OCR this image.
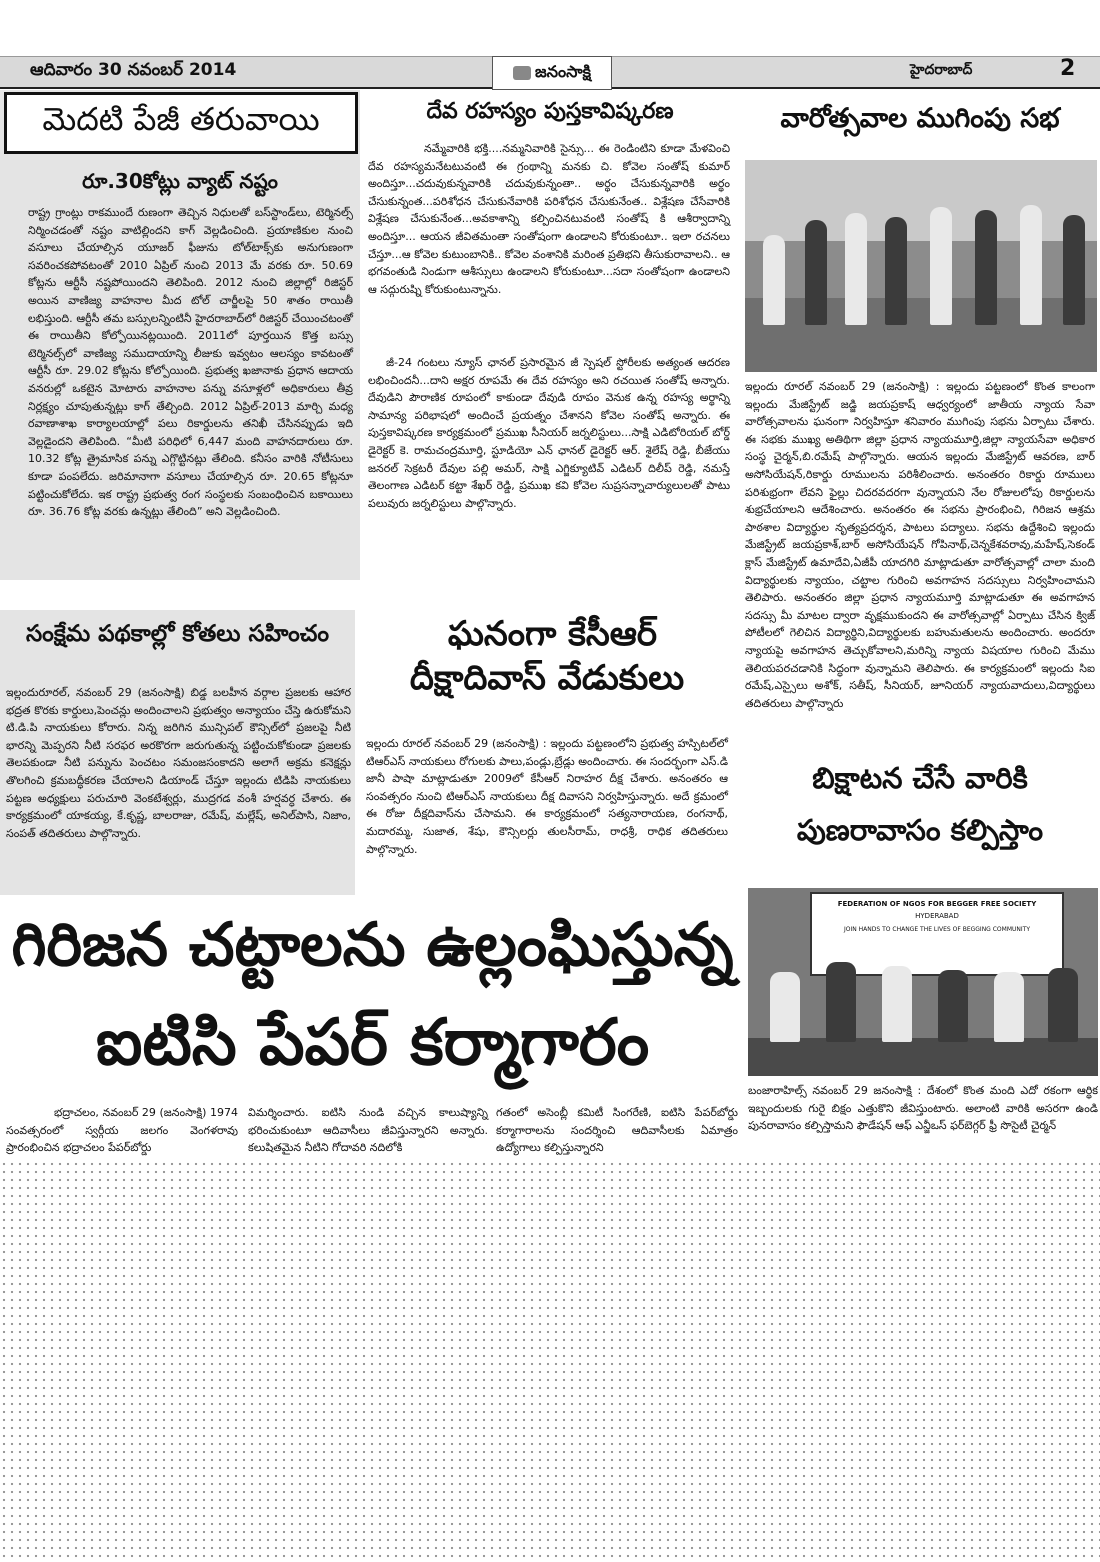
ఆదివారం 30 నవంబర్ 2014	జనంసాక్షి	హైదరాబాద్	2
మెదటి పేజీ తరువాయి
రూ.30కోట్లు వ్యాట్ నష్టం
రాష్ట్ర గ్రాంట్లు రాకముందే రుణంగా తెచ్చిన నిధులతో బస్‌స్టాండ్‌లు, టెర్మినల్స్ నిర్మించడంతో నష్టం వాటిల్లిందని కాగ్ వెల్లడించింది. ప్రయాణికుల నుంచి వసూలు చేయాల్సిన యూజర్ ఫీజును టోల్‌టాక్స్‌కు అనుగుణంగా సవరించకపోవటంతో 2010 ఏప్రిల్ నుంచి 2013 మే వరకు రూ. 50.69 కోట్లను ఆర్టీసీ నష్టపోయిందని తెలిపింది. 2012 నుంచి జిల్లాల్లో రిజిస్టర్ అయిన వాణిజ్య వాహనాల మీద టోల్ చార్జీలపై 50 శాతం రాయితీ లభిస్తుంది. ఆర్టీసీ తమ బస్సులన్నింటినీ హైదరాబాద్‌లో రిజిస్టర్ చేయించటంతో ఈ రాయితీని కోల్పోయినట్లయింది. 2011లో పూర్తయిన కొత్త బస్సు టెర్మినల్స్‌లో వాణిజ్య సముదాయాన్ని లీజుకు ఇవ్వటం ఆలస్యం కావటంతో ఆర్టీసీ రూ. 29.02 కోట్లను కోల్పోయింది. ప్రభుత్వ ఖజానాకు ప్రధాన ఆదాయ వనరుల్లో ఒకటైన మోటారు వాహనాల పన్ను వసూళ్లలో అధికారులు తీవ్ర నిర్లక్ష్యం చూపుతున్నట్లు కాగ్ తేల్చింది. 2012 ఏప్రిల్-2013 మార్చి మధ్య రవాణాశాఖ కార్యాలయాల్లో పలు రికార్డులను తనిఖీ చేసినప్పుడు ఇది వెల్లడైందని తెలిపింది. “మీటి పరిధిలో 6,447 మంది వాహనదారులు రూ. 10.32 కోట్ల త్రైమాసిక పన్ను ఎగ్గొట్టినట్లు తేలింది. కనీసం వారికి నోటీసులు కూడా పంపలేదు. జరిమానాగా వసూలు చేయాల్సిన రూ. 20.65 కోట్లనూ పట్టించుకోలేదు. ఇక రాష్ట్ర ప్రభుత్వ రంగ సంస్థలకు సంబంధించిన బకాయిలు రూ. 36.76 కోట్ల వరకు ఉన్నట్లు తేలింది” అని వెల్లడించింది.
దేవ రహస్యం పుస్తకావిష్కరణ
నమ్మేవారికి భక్తి....నమ్మనివారికి సైన్సు... ఈ రెండింటిని కూడా మేళవించి దేవ రహస్యమనేటటువంటి ఈ గ్రంథాన్ని మనకు చి. కోవెల సంతోష్ కుమార్ అందిస్తూ...చదువుకున్నవారికి చదువుకున్నంతా.. అర్థం చేసుకున్నవారికి అర్థం చేసుకున్నంత...పరిశోధన చేసుకునేవారికి పరిశోధన చేసుకునేంత.. విశ్లేషణ చేసేవారికి విశ్లేషణ చేసుకునేంత...అవకాశాన్ని కల్పించినటువంటి సంతోష్ కి ఆశీర్వాదాన్ని అందిస్తూ... ఆయన జీవితమంతా సంతోషంగా ఉండాలని కోరుకుంటూ.. ఇలా రచనలు చేస్తూ...ఆ కోవెల కుటుంబానికి.. కోవెల వంశానికి మరింత ప్రతిభని తీసుకురావాలని.. ఆ భగవంతుడి నిండుగా ఆశీస్సులు ఉండాలని కోరుకుంటూ...సదా సంతోషంగా ఉండాలని ఆ సద్గురుష్ని కోరుకుంటున్నాను.
జీ-24 గంటలు న్యూస్ ఛానల్ ప్రసారమైన జీ స్పెషల్ స్టోరీలకు అత్యంత ఆదరణ లభించిందనీ...దాని అక్షర రూపమే ఈ దేవ రహస్యం అని రచయిత సంతోష్ అన్నారు. దేవుడిని పౌరాణిక రూపంలో కాకుండా దేవుడి రూపం వెనుక ఉన్న రహస్య అర్థాన్ని సామాన్య పరిభాషలో అందించే ప్రయత్నం చేశానని కోవెల సంతోష్ అన్నారు. ఈ పుస్తకావిష్కరణ కార్యక్రమంలో ప్రముఖ సీనియర్ జర్నలిస్టులు...సాక్షి ఎడిటోరియల్ బోర్డ్ డైరెక్టర్ కె. రామచంద్రమూర్తి, స్టూడియో ఎన్ ఛానల్ డైరెక్టర్ ఆర్. శైలేష్ రెడ్డి, బీజేయు జనరల్ సెక్రటరీ దేవుల పల్లి అమర్, సాక్షి ఎగ్జిక్యూటివ్ ఎడిటర్ దిలీప్ రెడ్డి, నమస్తే తెలంగాణ ఎడిటర్ కట్టా శేఖర్ రెడ్డి, ప్రముఖ కవి కోవెల సుప్రసన్నాచార్యులులతో పాటు పలువురు జర్నలిస్టులు పాల్గొన్నారు.
వారోత్సవాల ముగింపు సభ
ఇల్లందు రూరల్ నవంబర్ 29 (జనంసాక్షి) : ఇల్లందు పట్టణంలో కొంత కాలంగా ఇల్లందు మేజిస్ట్రేట్ జడ్జి జయప్రకాష్ ఆధ్వర్యంలో జాతీయ న్యాయ సేవా వారోత్సవాలను ఘనంగా నిర్వహిస్తూ శనివారం ముగింపు సభను ఏర్పాటు చేశారు. ఈ సభకు ముఖ్య అతిథిగా జిల్లా ప్రధాన న్యాయమూర్తి,జిల్లా న్యాయసేవా అధికార సంస్థ చైర్మన్,బి.రమేష్ పాల్గొన్నారు. ఆయన ఇల్లందు మేజిస్ట్రేట్ ఆవరణ, బార్ అసోసియేషన్,రికార్డు రూములను పరిశీలించారు. అనంతరం రికార్డు రూములు పరిశుభ్రంగా లేవని ఫైల్లు చిదరవదరగా వున్నాయని నేల రోజులలోపు రికార్డులను శుభ్రచేయాలని ఆదేశించారు. అనంతరం ఈ సభను ప్రారంభించి, గిరిజన ఆశ్రమ పాఠశాల విద్యార్థుల నృత్యప్రదర్శన, పాటలు పద్యాలు. సభను ఉద్దేశించి ఇల్లందు మేజిస్ట్రేట్ జయప్రకాశ్,బార్ అసోసియేషన్ గోపినాథ్,చెన్నకేశవరావు,మహేష్,సెకండ్ క్లాస్ మేజిస్ట్రేట్ ఉమాదేవి,ఏజీపీ యాదగిరి మాట్లాడుతూ వారోత్సవాల్లో చాలా మంది విద్యార్థులకు న్యాయం, చట్టాల గురించి అవగాహన సదస్సులు నిర్వహించామని తెలిపారు. అనంతరం జిల్లా ప్రధాన న్యాయమూర్తి మాట్లాడుతూ ఈ అవగాహన సదస్సు మీ మాటల ద్వారా వృక్షముకుందని ఈ వారోత్సవాల్లో ఏర్పాటు చేసిన క్విజ్ పోటీలలో గెలిచిన విద్యార్థిని,విద్యార్థులకు బహుమతులను అందించారు. అందరూ న్యాయపై అవగాహన తెచ్చుకోవాలని,మరిన్ని న్యాయ విషయాల గురించి మేము తెలియపరచడానికి సిద్ధంగా వున్నామని తెలిపారు. ఈ కార్యక్రమంలో ఇల్లందు సిఐ రమేష్,ఎస్సైలు అశోక్, సతీష్, సీనియర్, జూనియర్ న్యాయవాదులు,విద్యార్థులు తదితరులు పాల్గొన్నారు
సంక్షేమ పథకాల్లో కోతలు సహించం
ఇల్లందురూరల్, నవంబర్ 29 (జనంసాక్షి) బిడ్డ బలహీన వర్గాల ప్రజలకు ఆహార భద్రత కొరకు కార్డులు,పెంచన్లు అందించాలని ప్రభుత్వం అన్యాయం చేస్తె ఉరుకోమని టి.డి.పి నాయకులు కోరారు. నిన్న జరిగిన మున్సిపల్ కౌన్సిల్‌లో ప్రజలపై నీటి భారన్ని మెప్పరని నీటి సరఫర అరకొరగా జరుగుతున్న పట్టించుకోకుండా ప్రజలకు తెలపకుండా నీటి పన్నును పెంచటం సమంజసంకాదని అలాగే అక్రమ కనెక్షన్లు తొలగించి క్రమబద్ధీకరణ చేయాలని డియాండ్ చేస్తూ ఇల్లందు టిడిపి నాయకులు పట్టణ అధ్యక్షులు పరుచూరి వెంకటేశ్వర్లు, ముద్రగడ వంశీ హర్షవర్ధ చేశారు. ఈ కార్యక్రమంలో యాకయ్య, కే.కృష్ణ, బాలరాజు, రమేష్, మల్లేష్, అనిల్‌పాసి, నిజాం, సంపత్ తదితరులు పాల్గొన్నారు.
ఘనంగా కేసీఆర్
దీక్షాదివాస్ వేడుకులు
ఇల్లందు రూరల్ నవంబర్ 29 (జనంసాక్షి) : ఇల్లందు పట్టణంలోని ప్రభుత్వ హస్పిటల్‌లో టిఆర్ఎస్ నాయకులు రోగులకు పాలు,పండ్లు,బ్రేడ్లు అందించారు. ఈ సందర్భంగా ఎస్.డి జానీ పాషా మాట్లాడుతూ 2009లో కేసీఆర్ నిరాహర దీక్ష చేశారు. అనంతరం ఆ సంవత్సరం నుంచి టిఆర్ఎస్ నాయకులు దీక్ష దివాసని నిర్వహిస్తున్నారు. అదే క్రమంలో ఈ రోజు దీక్షదివాస్‌ను చేసామని. ఈ కార్యక్రమంలో సత్యనారాయణ, రంగనాథ్, మదారమ్మ, సుజాత, శేషు, కౌన్సిలర్లు తులసీరామ్, రాధశ్రీ, రాధిక తదితరులు పాల్గొన్నారు.
బిక్షాటన చేసే వారికి
పుణరావాసం కల్పిస్తాం
FEDERATION OF NGOS FOR BEGGER FREE SOCIETY
HYDERABAD
JOIN HANDS TO CHANGE THE LIVES OF BEGGING COMMUNITY
బంజారాహిల్స్ నవంబర్ 29 జనంసాక్షి : దేశంలో కొంత మంది ఎదో రకంగా ఆర్థిక ఇబ్బందులకు గురై బిక్షం ఎత్తుకొని జీవిస్తుంటారు. అలాంటి వారికి అసరగా ఉండి పునరావాసం కల్పిస్తామని ఫౌడేషన్ ఆఫ్ ఎన్జీఒస్ ఫర్‌బెగ్గర్ ఫ్రీ సొసైటీ చైర్మన్
గిరిజన చట్టాలను ఉల్లంఘిస్తున్న
ఐటిసి పేపర్ కర్మాగారం
భద్రాచలం, నవంబర్ 29 (జనంసాక్షి) 1974 సంవత్సరంలో స్వర్గీయ జలగం వెంగళరావు ప్రారంభించిన భద్రాచలం పేపర్‌బోర్డు
విమర్శించారు. ఐటిసి నుండి వచ్చిన కాలుష్యాన్ని భరించుకుంటూ ఆదివాసీలు జీవిస్తున్నారని అన్నారు. కలుషితమైన నీటిని గోదావరి నదిలోకి
గతంలో అసెంబ్లీ కమిటీ సింగరేణి, ఐటిసి పేపర్‌బోర్డు కర్మాగారాలను సందర్శించి ఆదివాసీలకు ఏమాత్రం ఉద్యోగాలు కల్పిస్తున్నారని
